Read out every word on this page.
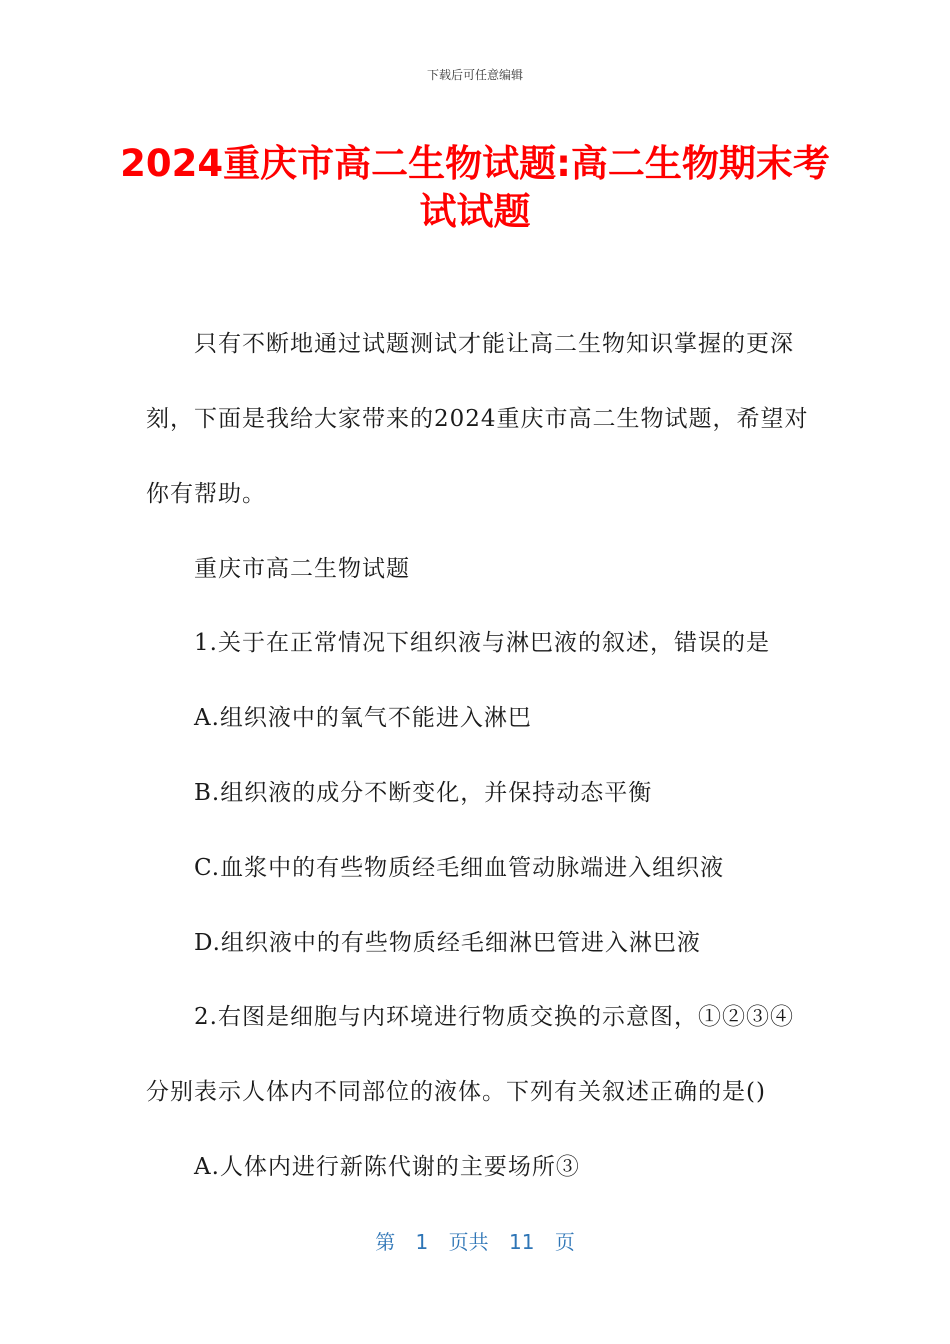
下载后可任意编辑
2024重庆市高二生物试题:高二生物期末考
试试题

　　只有不断地通过试题测试才能让高二生物知识掌握的更深

刻，下面是我给大家带来的2024重庆市高二生物试题，希望对

你有帮助。

　　重庆市高二生物试题

　　1.关于在正常情况下组织液与淋巴液的叙述，错误的是

　　A.组织液中的氧气不能进入淋巴

　　B.组织液的成分不断变化，并保持动态平衡

　　C.血浆中的有些物质经毛细血管动脉端进入组织液

　　D.组织液中的有些物质经毛细淋巴管进入淋巴液

　　2.右图是细胞与内环境进行物质交换的示意图，①②③④

分别表示人体内不同部位的液体。下列有关叙述正确的是()

　　A.人体内进行新陈代谢的主要场所③

第 1 页共 11 页
